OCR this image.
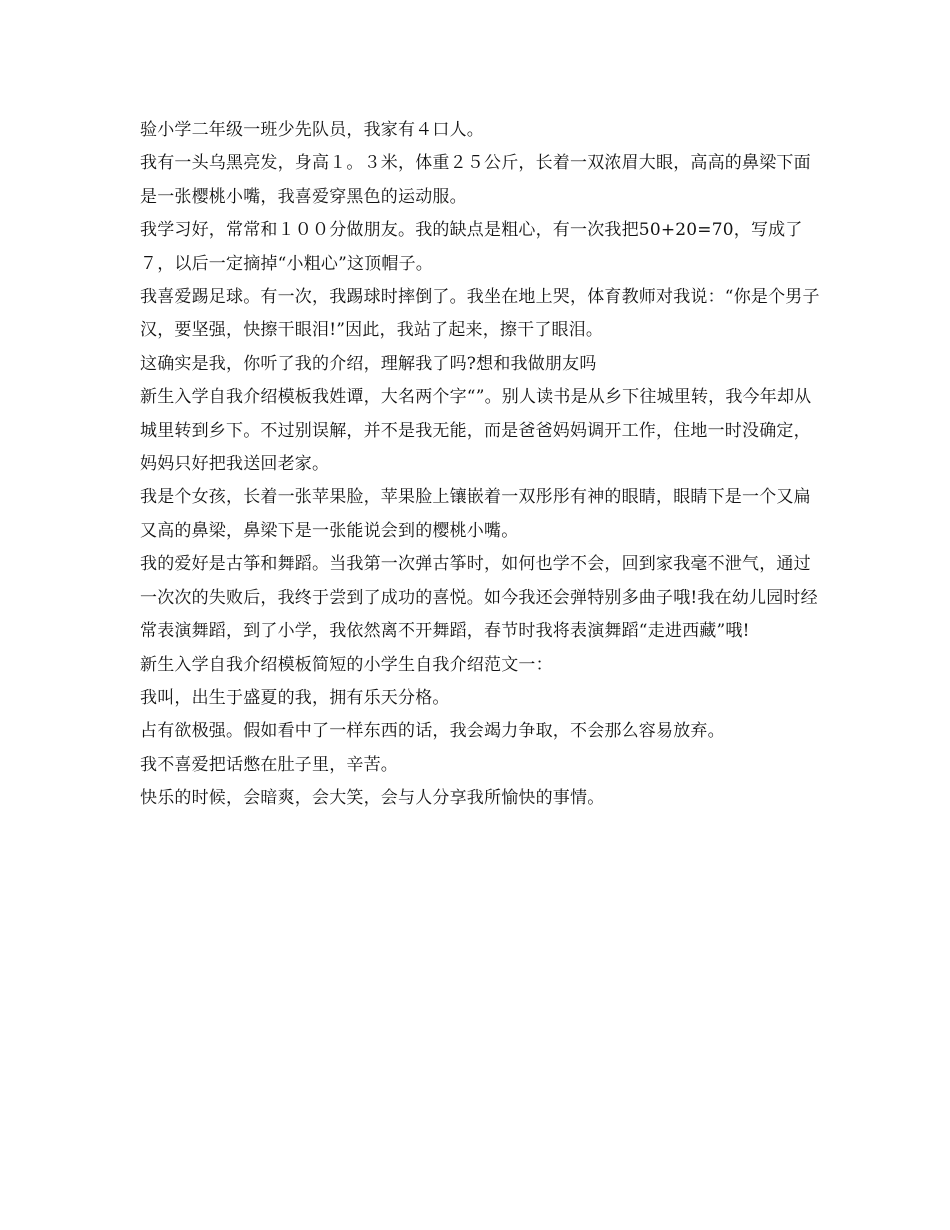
验小学二年级一班少先队员，我家有４口人。

我有一头乌黑亮发，身高１。３米，体重２５公斤，长着一双浓眉大眼，高高的鼻梁下面是一张樱桃小嘴，我喜爱穿黑色的运动服。

我学习好，常常和１００分做朋友。我的缺点是粗心，有一次我把50+20=70，写成了７，以后一定摘掉“小粗心”这顶帽子。

我喜爱踢足球。有一次，我踢球时摔倒了。我坐在地上哭，体育教师对我说：“你是个男子汉，要坚强，快擦干眼泪!”因此，我站了起来，擦干了眼泪。

这确实是我，你听了我的介绍，理解我了吗?想和我做朋友吗

新生入学自我介绍模板我姓谭，大名两个字“”。别人读书是从乡下往城里转，我今年却从城里转到乡下。不过别误解，并不是我无能，而是爸爸妈妈调开工作，住地一时没确定，妈妈只好把我送回老家。

我是个女孩，长着一张苹果脸，苹果脸上镶嵌着一双彤彤有神的眼睛，眼睛下是一个又扁又高的鼻梁，鼻梁下是一张能说会到的樱桃小嘴。

我的爱好是古筝和舞蹈。当我第一次弹古筝时，如何也学不会，回到家我毫不泄气，通过一次次的失败后，我终于尝到了成功的喜悦。如今我还会弹特别多曲子哦!我在幼儿园时经常表演舞蹈，到了小学，我依然离不开舞蹈，春节时我将表演舞蹈“走进西藏”哦!

新生入学自我介绍模板简短的小学生自我介绍范文一：

我叫，出生于盛夏的我，拥有乐天分格。

占有欲极强。假如看中了一样东西的话，我会竭力争取，不会那么容易放弃。

我不喜爱把话憋在肚子里，辛苦。

快乐的时候，会暗爽，会大笑，会与人分享我所愉快的事情。
